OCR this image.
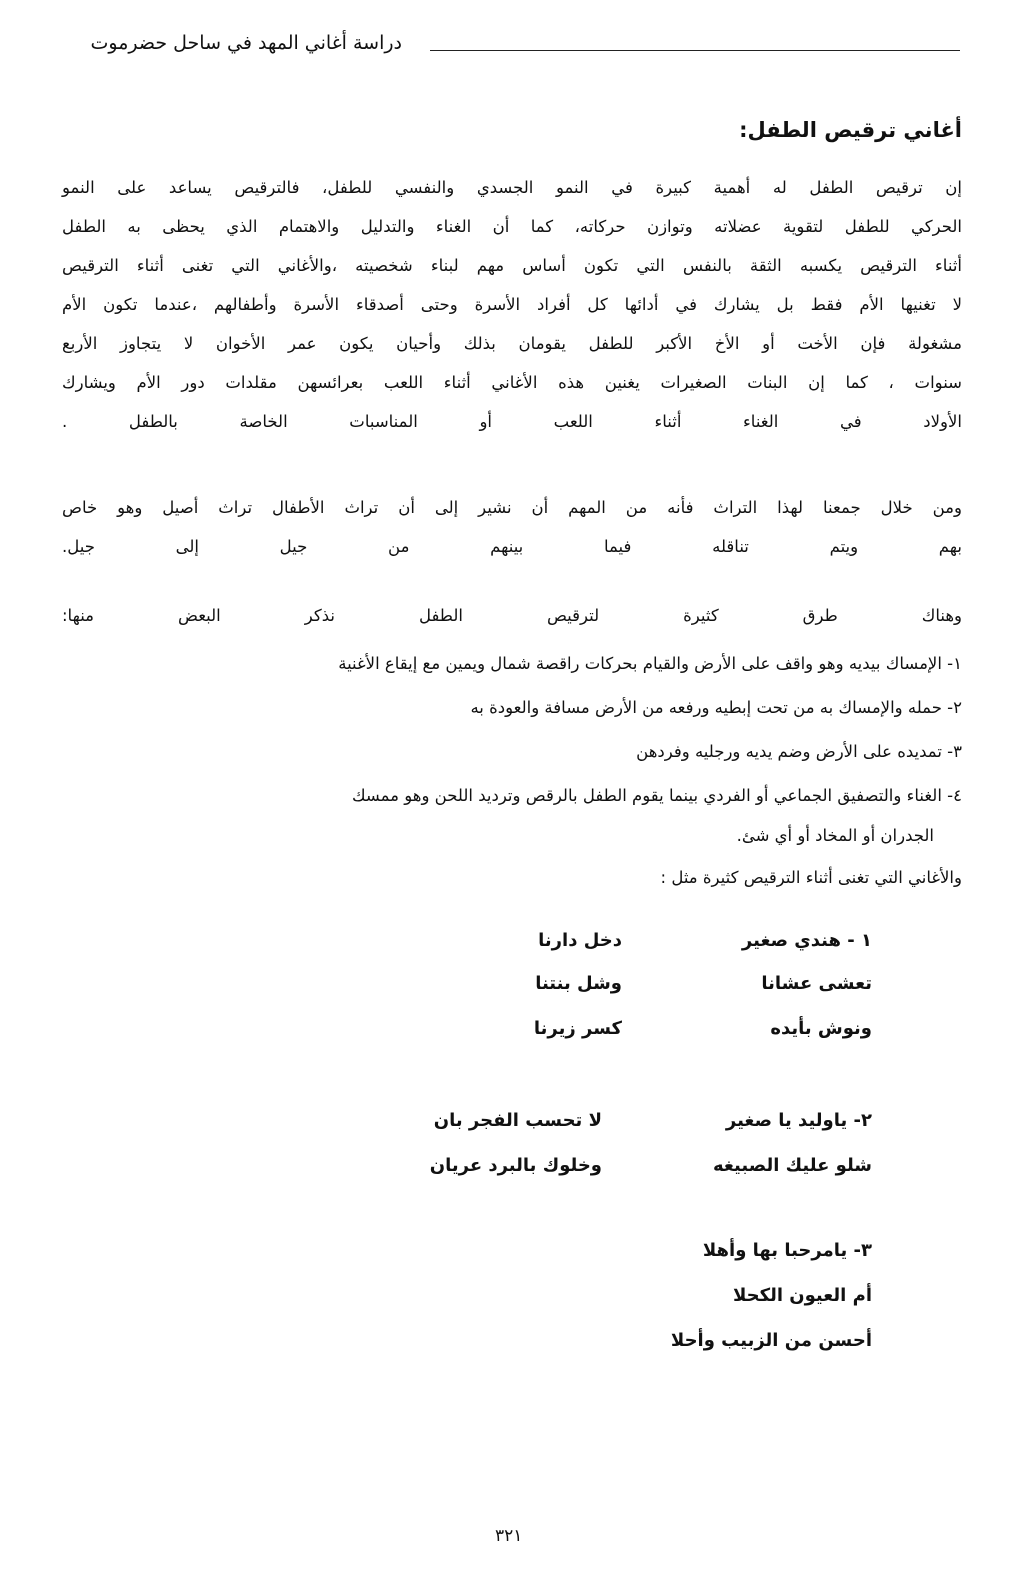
دراسة أغاني المهد في ساحل حضرموت
أغاني ترقيص الطفل:
إن ترقيص الطفل له أهمية كبيرة في النمو الجسدي والنفسي للطفل، فالترقيص يساعد على النمو
الحركي للطفل لتقوية عضلاته وتوازن حركاته، كما أن الغناء والتدليل والاهتمام الذي يحظى به الطفل
أثناء الترقيص يكسبه الثقة بالنفس التي تكون أساس مهم لبناء شخصيته ،والأغاني التي تغنى أثناء الترقيص
لا تغنيها الأم فقط بل يشارك في أدائها كل أفراد الأسرة وحتى أصدقاء الأسرة وأطفالهم ،عندما تكون الأم
مشغولة فإن الأخت أو الأخ الأكبر للطفل يقومان بذلك وأحيان يكون عمر الأخوان لا يتجاوز الأربع
سنوات ، كما إن البنات الصغيرات يغنين هذه الأغاني أثناء اللعب بعرائسهن مقلدات دور الأم ويشارك
الأولاد في الغناء أثناء اللعب أو المناسبات الخاصة بالطفل .
ومن خلال جمعنا لهذا التراث فأنه من المهم أن نشير إلى أن تراث الأطفال تراث أصيل وهو خاص
بهم ويتم تناقله فيما بينهم من جيل إلى جيل.
وهناك طرق كثيرة لترقيص الطفل نذكر البعض منها:
١- الإمساك بيديه وهو واقف على الأرض والقيام بحركات راقصة شمال ويمين مع إيقاع الأغنية
٢- حمله والإمساك به من تحت إبطيه ورفعه من الأرض مسافة والعودة به
٣- تمديده على الأرض وضم يديه ورجليه وفردهن
٤- الغناء والتصفيق الجماعي أو الفردي بينما يقوم الطفل بالرقص وترديد اللحن وهو ممسك
الجدران أو المخاد أو أي شئ.
والأغاني التي تغنى أثناء الترقيص كثيرة مثل :
١ - هندي صغير
دخل دارنا
تعشى عشانا
وشل بنتنا
ونوش بأيده
كسر زيرنا
٢- ياوليد يا صغير
لا تحسب الفجر بان
شلو عليك الصبيغه
وخلوك بالبرد عريان
٣- يامرحبا بها وأهلا
أم العيون الكحلا
أحسن من الزبيب وأحلا
٣٢١
